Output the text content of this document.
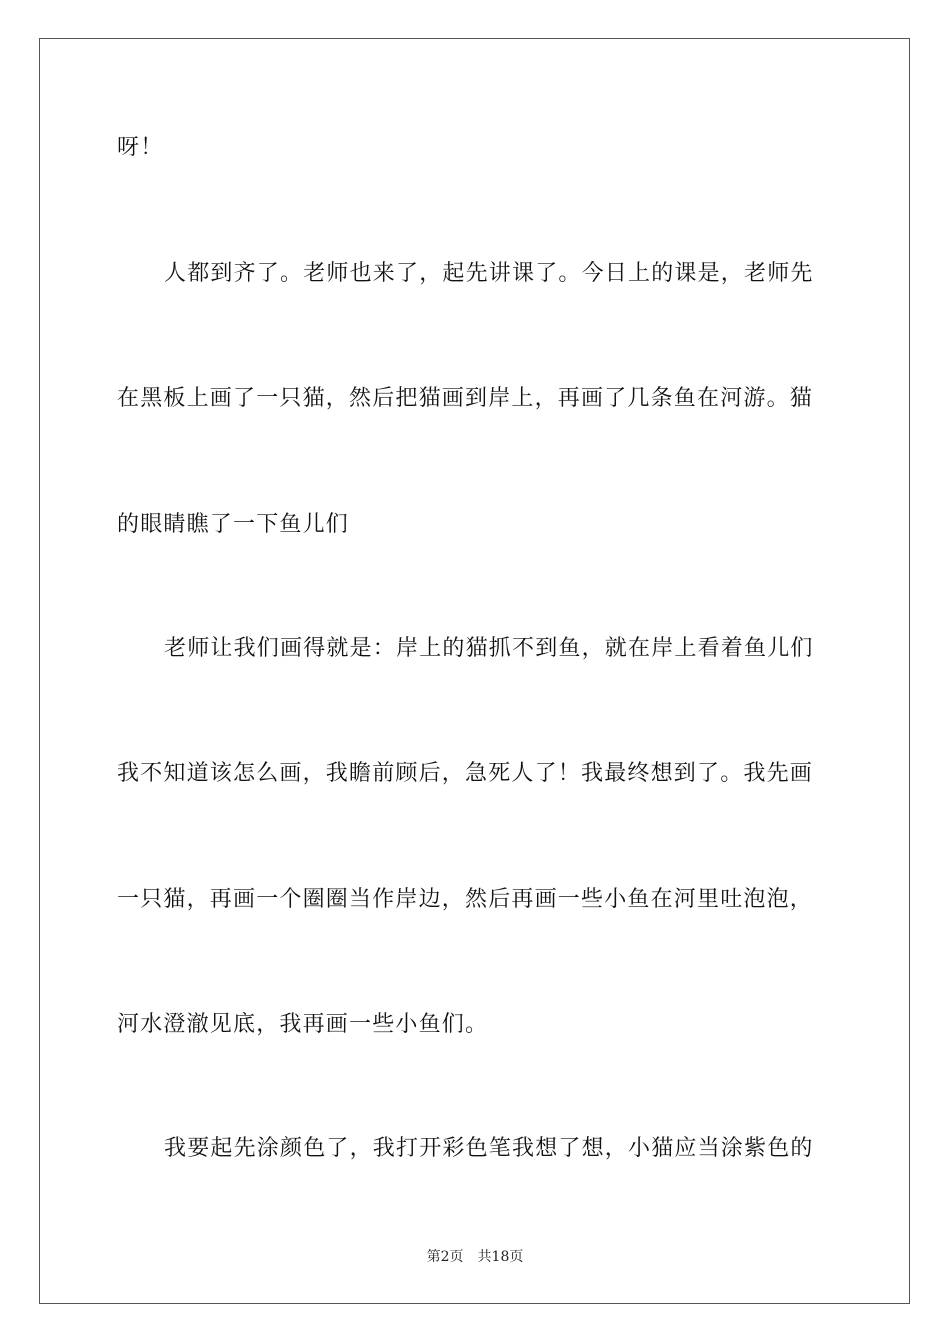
呀！
人都到齐了。老师也来了，起先讲课了。今日上的课是，老师先
在黑板上画了一只猫，然后把猫画到岸上，再画了几条鱼在河游。猫
的眼睛瞧了一下鱼儿们
老师让我们画得就是：岸上的猫抓不到鱼，就在岸上看着鱼儿们
我不知道该怎么画，我瞻前顾后，急死人了！我最终想到了。我先画
一只猫，再画一个圈圈当作岸边，然后再画一些小鱼在河里吐泡泡，
河水澄澈见底，我再画一些小鱼们。
我要起先涂颜色了，我打开彩色笔我想了想，小猫应当涂紫色的
第2页 共18页
